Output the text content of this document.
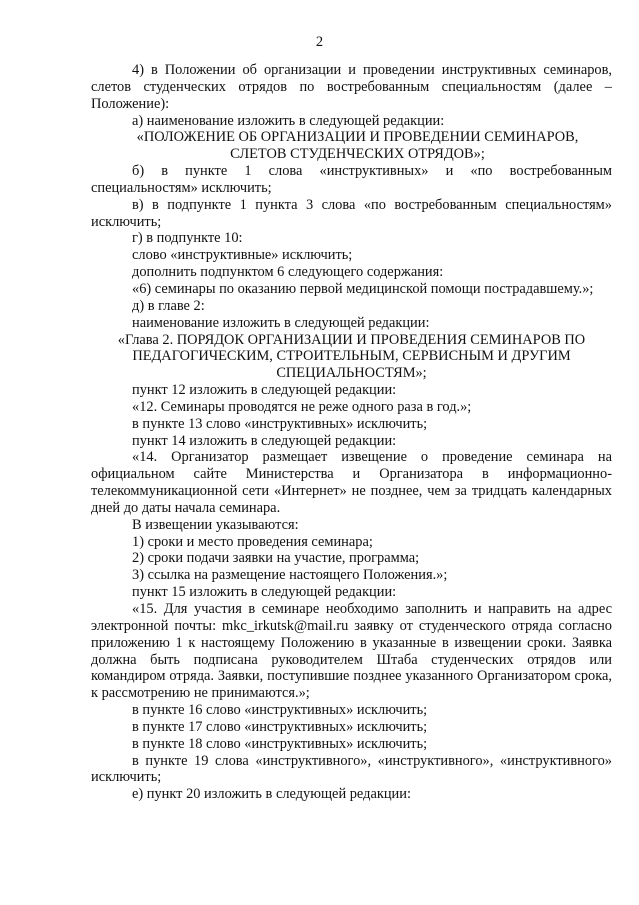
2

4) в Положении об организации и проведении инструктивных семинаров, слетов студенческих отрядов по востребованным специальностям (далее – Положение):

а) наименование изложить в следующей редакции:

«ПОЛОЖЕНИЕ ОБ ОРГАНИЗАЦИИ И ПРОВЕДЕНИИ СЕМИНАРОВ, СЛЕТОВ СТУДЕНЧЕСКИХ ОТРЯДОВ»;

б) в пункте 1 слова «инструктивных» и «по востребованным специальностям» исключить;

в) в подпункте 1 пункта 3 слова «по востребованным специальностям» исключить;

г) в подпункте 10:

слово «инструктивные» исключить;

дополнить подпунктом 6 следующего содержания:

«6) семинары по оказанию первой медицинской помощи пострадавшему.»;

д) в главе 2:

наименование изложить в следующей редакции:

«Глава 2. ПОРЯДОК ОРГАНИЗАЦИИ И ПРОВЕДЕНИЯ СЕМИНАРОВ ПО ПЕДАГОГИЧЕСКИМ, СТРОИТЕЛЬНЫМ, СЕРВИСНЫМ И ДРУГИМ СПЕЦИАЛЬНОСТЯМ»;

пункт 12 изложить в следующей редакции:

«12. Семинары проводятся не реже одного раза в год.»;

в пункте 13 слово «инструктивных» исключить;

пункт 14 изложить в следующей редакции:

«14. Организатор размещает извещение о проведение семинара на официальном сайте Министерства и Организатора в информационно-телекоммуникационной сети «Интернет» не позднее, чем за тридцать календарных дней до даты начала семинара.

В извещении указываются:

1) сроки и место проведения семинара;

2) сроки подачи заявки на участие, программа;

3) ссылка на размещение настоящего Положения.»;

пункт 15 изложить в следующей редакции:

«15. Для участия в семинаре необходимо заполнить и направить на адрес электронной почты: mkc_irkutsk@mail.ru заявку от студенческого отряда согласно приложению 1 к настоящему Положению в указанные в извещении сроки. Заявка должна быть подписана руководителем Штаба студенческих отрядов или командиром отряда. Заявки, поступившие позднее указанного Организатором срока, к рассмотрению не принимаются.»;

в пункте 16 слово «инструктивных» исключить;

в пункте 17 слово «инструктивных» исключить;

в пункте 18 слово «инструктивных» исключить;

в пункте 19 слова «инструктивного», «инструктивного», «инструктивного» исключить;

е) пункт 20 изложить в следующей редакции:
